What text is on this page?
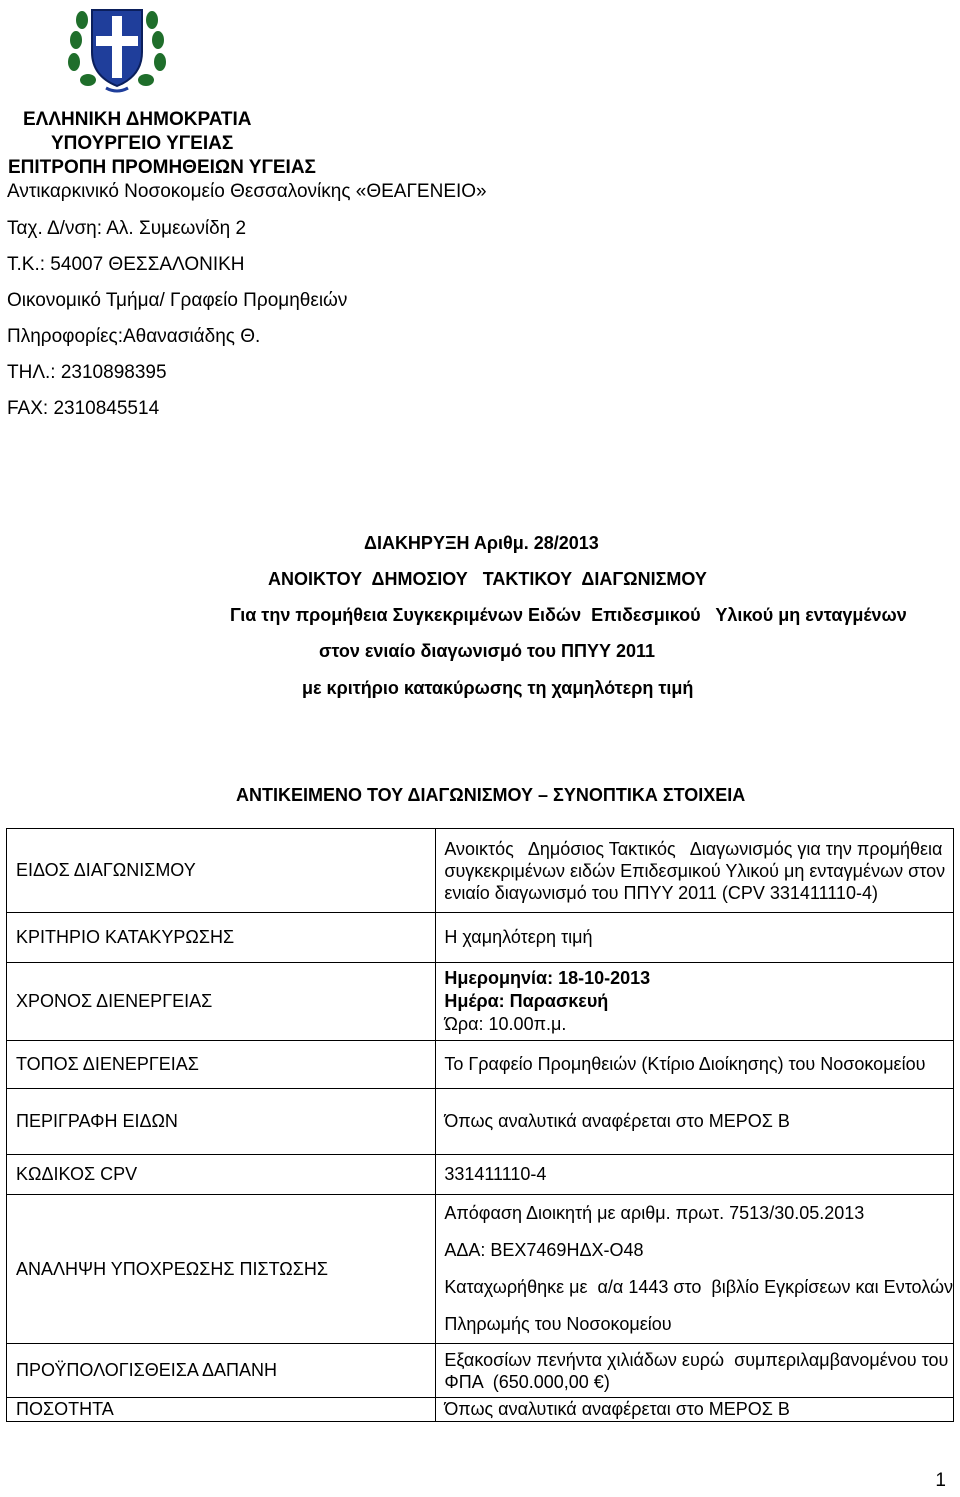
ΕΛΛΗΝΙΚΗ ΔΗΜΟΚΡΑΤΙΑ
ΥΠΟΥΡΓΕΙΟ ΥΓΕΙΑΣ
ΕΠΙΤΡΟΠΗ ΠΡΟΜΗΘΕΙΩΝ ΥΓΕΙΑΣ
Αντικαρκινικό Νοσοκομείο Θεσσαλονίκης «ΘΕΑΓΕΝΕΙΟ»
Ταχ. Δ/νση: Αλ. Συμεωνίδη 2
Τ.Κ.: 54007 ΘΕΣΣΑΛΟΝΙΚΗ
Οικονομικό Τμήμα/ Γραφείο Προμηθειών
Πληροφορίες:Αθανασιάδης Θ.
ΤΗΛ.: 2310898395
FAX: 2310845514
ΔΙΑΚΗΡΥΞΗ Αριθμ. 28/2013
ΑΝΟΙΚΤΟΥ  ΔΗΜΟΣΙΟΥ   ΤΑΚΤΙΚΟΥ  ΔΙΑΓΩΝΙΣΜΟΥ
Για την προμήθεια Συγκεκριμένων Ειδών  Επιδεσμικού   Υλικού μη ενταγμένων
στον ενιαίο διαγωνισμό του ΠΠΥΥ 2011
με κριτήριο κατακύρωσης τη χαμηλότερη τιμή
ΑΝΤΙΚΕΙΜΕΝΟ ΤΟΥ ΔΙΑΓΩΝΙΣΜΟΥ – ΣΥΝΟΠΤΙΚΑ ΣΤΟΙΧΕΙΑ
ΕΙΔΟΣ ΔΙΑΓΩΝΙΣΜΟΥ	Ανοικτός   Δημόσιος Τακτικός   Διαγωνισμός για την προμήθεια
συγκεκριμένων ειδών Επιδεσμικού Υλικού μη ενταγμένων στον
ενιαίο διαγωνισμό του ΠΠΥΥ 2011 (CPV 331411110-4)

ΚΡΙΤΗΡΙΟ ΚΑΤΑΚΥΡΩΣΗΣ	Η χαμηλότερη τιμή

ΧΡΟΝΟΣ ΔΙΕΝΕΡΓΕΙΑΣ	Ημερομηνία: 18-10-2013
Ημέρα: Παρασκευή
Ώρα: 10.00π.μ.

ΤΟΠΟΣ ΔΙΕΝΕΡΓΕΙΑΣ	Το Γραφείο Προμηθειών (Κτίριο Διοίκησης) του Νοσοκομείου

ΠΕΡΙΓΡΑΦΗ ΕΙΔΩΝ	Όπως αναλυτικά αναφέρεται στο ΜΕΡΟΣ Β

ΚΩΔΙΚΟΣ CPV	331411110-4

ΑΝΑΛΗΨΗ ΥΠΟΧΡΕΩΣΗΣ ΠΙΣΤΩΣΗΣ	Απόφαση Διοικητή με αριθμ. πρωτ. 7513/30.05.2013
ΑΔΑ: ΒΕΧ7469ΗΔΧ-Ο48
Καταχωρήθηκε με  α/α 1443 στο  βιβλίο Εγκρίσεων και Εντολών
Πληρωμής του Νοσοκομείου

ΠΡΟΫΠΟΛΟΓΙΣΘΕΙΣΑ ΔΑΠΑΝΗ	Εξακοσίων πενήντα χιλιάδων ευρώ  συμπεριλαμβανομένου του
ΦΠΑ  (650.000,00 €)

ΠΟΣΟΤΗΤΑ	Όπως αναλυτικά αναφέρεται στο ΜΕΡΟΣ Β
1
